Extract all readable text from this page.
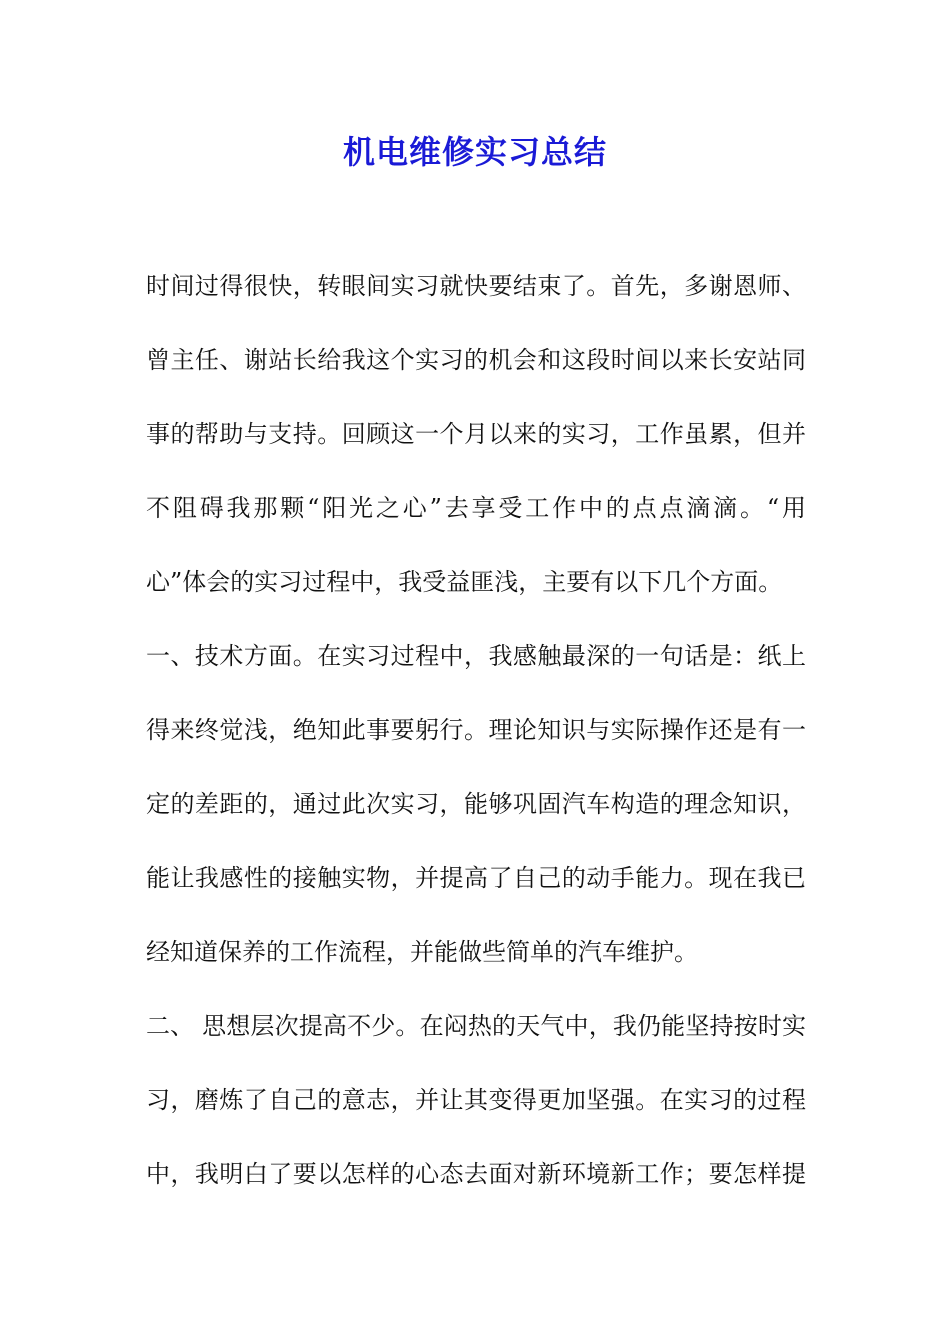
机电维修实习总结
时间过得很快，转眼间实习就快要结束了。首先，多谢恩师、
曾主任、谢站长给我这个实习的机会和这段时间以来长安站同
事的帮助与支持。回顾这一个月以来的实习，工作虽累，但并
不阻碍我那颗“阳光之心”去享受工作中的点点滴滴。“用
心”体会的实习过程中，我受益匪浅，主要有以下几个方面。
一、技术方面。在实习过程中，我感触最深的一句话是：纸上
得来终觉浅，绝知此事要躬行。理论知识与实际操作还是有一
定的差距的，通过此次实习，能够巩固汽车构造的理念知识，
能让我感性的接触实物，并提高了自己的动手能力。现在我已
经知道保养的工作流程，并能做些简单的汽车维护。
二、 思想层次提高不少。在闷热的天气中，我仍能坚持按时实
习，磨炼了自己的意志，并让其变得更加坚强。在实习的过程
中，我明白了要以怎样的心态去面对新环境新工作；要怎样提
